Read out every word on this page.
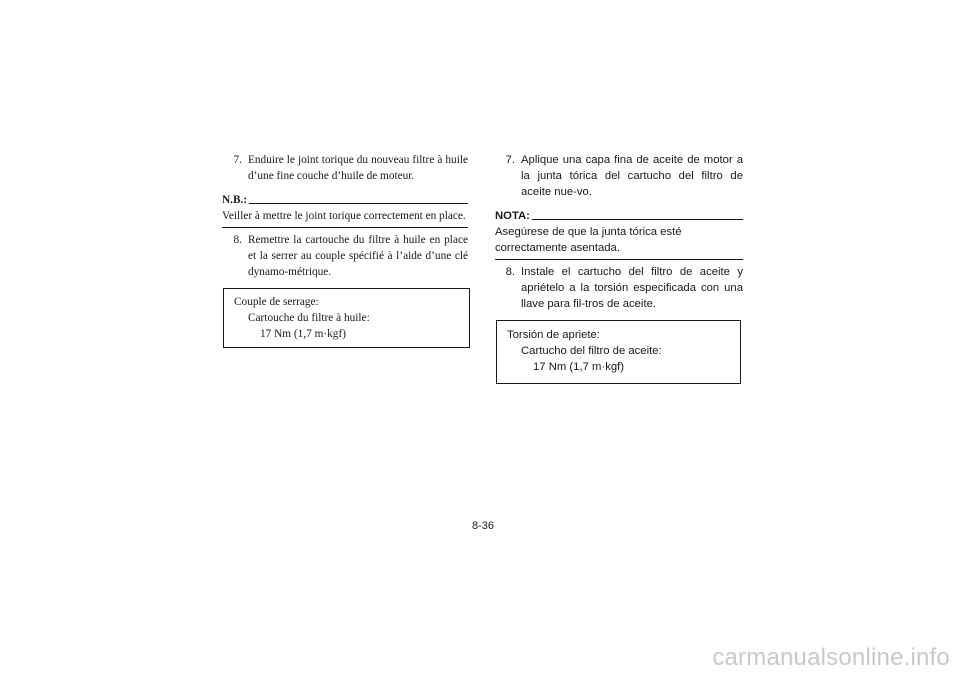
7. Enduire le joint torique du nouveau filtre à huile d’une fine couche d’huile de moteur.
N.B.:

Veiller à mettre le joint torique correctement en place.

8. Remettre la cartouche du filtre à huile en place et la serrer au couple spécifié à l’aide d’une clé dynamo-métrique.

Couple de serrage:

Cartouche du filtre à huile:

17 Nm (1,7 m·kgf)

7. Aplique una capa fina de aceite de motor a la junta tórica del cartucho del filtro de aceite nue-vo.
NOTA:

Asegúrese de que la junta tórica esté correctamente asentada.

8. Instale el cartucho del filtro de aceite y apriételo a la torsión especificada con una llave para fil-tros de aceite.

Torsión de apriete:

Cartucho del filtro de aceite:

17 Nm (1,7 m·kgf)

8-36
carmanualsonline.info
